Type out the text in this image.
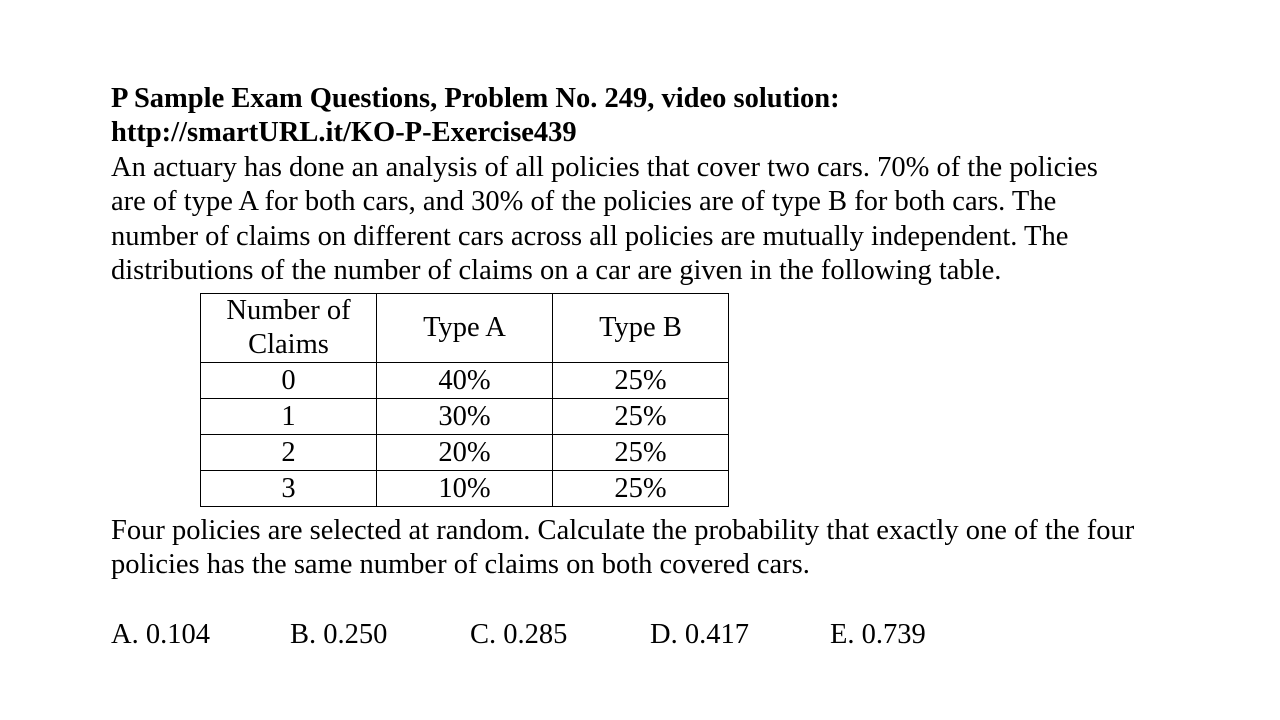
P Sample Exam Questions, Problem No. 249, video solution:
http://smartURL.it/KO-P-Exercise439
An actuary has done an analysis of all policies that cover two cars. 70% of the policies
are of type A for both cars, and 30% of the policies are of type B for both cars. The
number of claims on different cars across all policies are mutually independent. The
distributions of the number of claims on a car are given in the following table.
Number of
Claims	Type A	Type B
0	40%	25%
1	30%	25%
2	20%	25%
3	10%	25%
Four policies are selected at random. Calculate the probability that exactly one of the four
policies has the same number of claims on both covered cars.
A. 0.104	B. 0.250	C. 0.285	D. 0.417	E. 0.739
